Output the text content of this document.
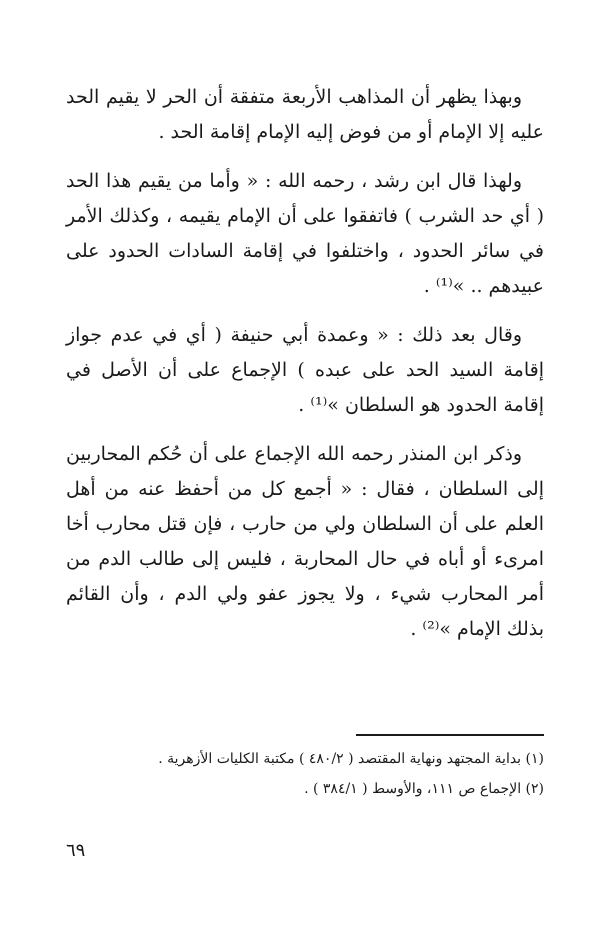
وبهذا يظهر أن المذاهب الأربعة متفقة أن الحر لا يقيم الحد عليه إلا الإمام أو من فوض إليه الإمام إقامة الحد .

ولهذا قال ابن رشد ، رحمه الله : « وأما من يقيم هذا الحد ( أي حد الشرب ) فاتفقوا على أن الإمام يقيمه ، وكذلك الأمر في سائر الحدود ، واختلفوا في إقامة السادات الحدود على عبيدهم .. »⁽¹⁾ .

وقال بعد ذلك : « وعمدة أبي حنيفة ( أي في عدم جواز إقامة السيد الحد على عبده ) الإجماع على أن الأصل في إقامة الحدود هو السلطان »⁽¹⁾ .

وذكر ابن المنذر رحمه الله الإجماع على أن حُكم المحاربين إلى السلطان ، فقال : « أجمع كل من أحفظ عنه من أهل العلم على أن السلطان ولي من حارب ، فإن قتل محارب أخا امرىء أو أباه في حال المحاربة ، فليس إلى طالب الدم من أمر المحارب شيء ، ولا يجوز عفو ولي الدم ، وأن القائم بذلك الإمام »⁽²⁾ .

(١) بداية المجتهد ونهاية المقتصد ( ٤٨٠/٢ ) مكتبة الكليات الأزهرية .
(٢) الإجماع ص ١١١، والأوسط ( ٣٨٤/١ ) .
٦٩
